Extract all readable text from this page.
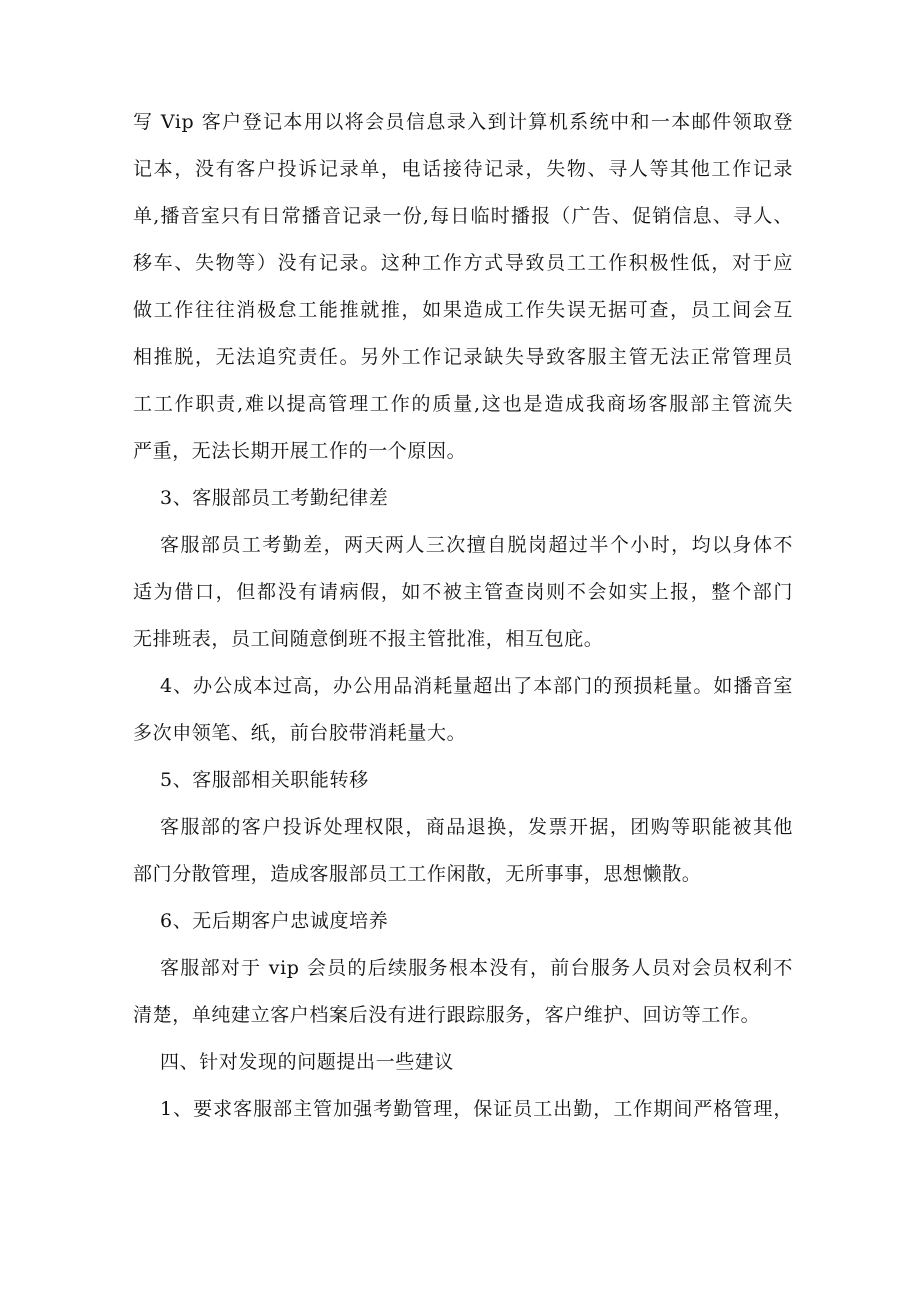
写 Vip 客户登记本用以将会员信息录入到计算机系统中和一本邮件领取登
记本，没有客户投诉记录单，电话接待记录，失物、寻人等其他工作记录
单,播音室只有日常播音记录一份,每日临时播报（广告、促销信息、寻人、
移车、失物等）没有记录。这种工作方式导致员工工作积极性低，对于应
做工作往往消极怠工能推就推，如果造成工作失误无据可查，员工间会互
相推脱，无法追究责任。另外工作记录缺失导致客服主管无法正常管理员
工工作职责,难以提高管理工作的质量,这也是造成我商场客服部主管流失
严重，无法长期开展工作的一个原因。
3、客服部员工考勤纪律差
客服部员工考勤差，两天两人三次擅自脱岗超过半个小时，均以身体不
适为借口，但都没有请病假，如不被主管查岗则不会如实上报，整个部门
无排班表，员工间随意倒班不报主管批准，相互包庇。
4、办公成本过高，办公用品消耗量超出了本部门的预损耗量。如播音室
多次申领笔、纸，前台胶带消耗量大。
5、客服部相关职能转移
客服部的客户投诉处理权限，商品退换，发票开据，团购等职能被其他
部门分散管理，造成客服部员工工作闲散，无所事事，思想懒散。
6、无后期客户忠诚度培养
客服部对于 vip 会员的后续服务根本没有，前台服务人员对会员权利不
清楚，单纯建立客户档案后没有进行跟踪服务，客户维护、回访等工作。
四、针对发现的问题提出一些建议
1、要求客服部主管加强考勤管理，保证员工出勤，工作期间严格管理，
